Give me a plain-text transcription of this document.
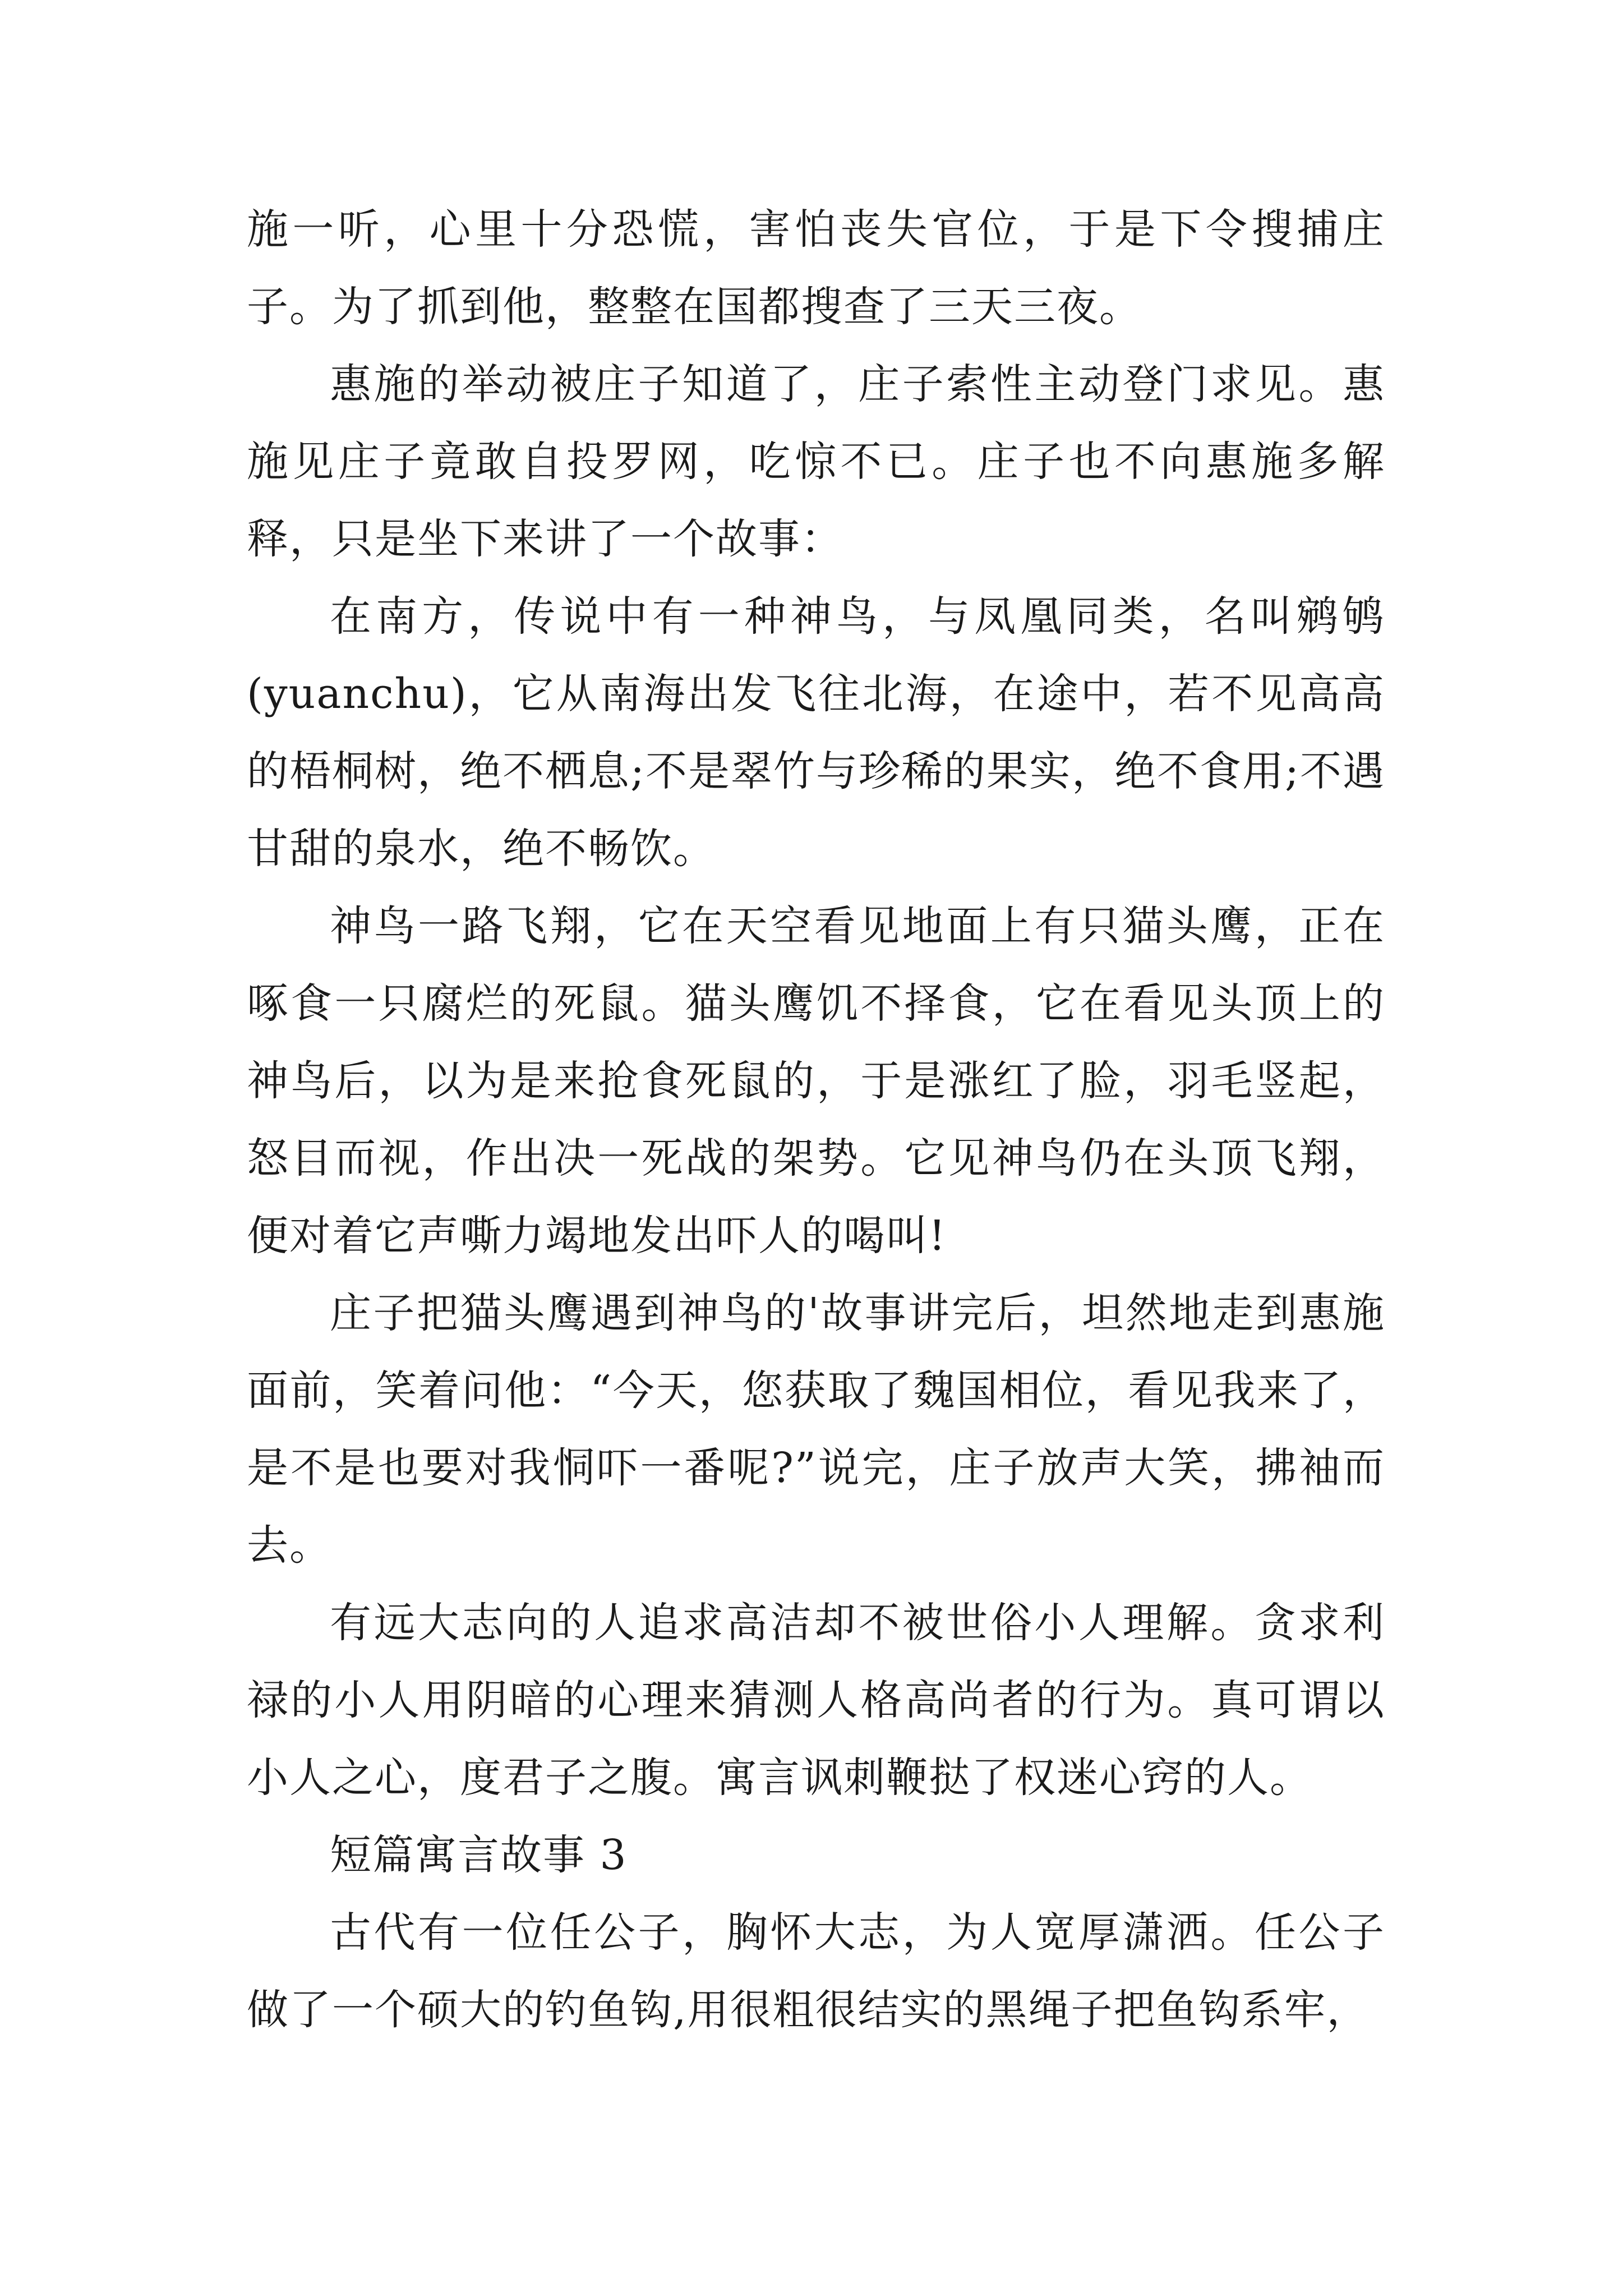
施一听，心里十分恐慌，害怕丧失官位，于是下令搜捕庄子。为了抓到他，整整在国都搜查了三天三夜。

惠施的举动被庄子知道了，庄子索性主动登门求见。惠施见庄子竟敢自投罗网，吃惊不已。庄子也不向惠施多解释，只是坐下来讲了一个故事：

在南方，传说中有一种神鸟，与凤凰同类，名叫鹓鸲(yuanchu)，它从南海出发飞往北海，在途中，若不见高高的梧桐树，绝不栖息;不是翠竹与珍稀的果实，绝不食用;不遇甘甜的泉水，绝不畅饮。

神鸟一路飞翔，它在天空看见地面上有只猫头鹰，正在啄食一只腐烂的死鼠。猫头鹰饥不择食，它在看见头顶上的神鸟后，以为是来抢食死鼠的，于是涨红了脸，羽毛竖起，怒目而视，作出决一死战的架势。它见神鸟仍在头顶飞翔，便对着它声嘶力竭地发出吓人的喝叫!

庄子把猫头鹰遇到神鸟的'故事讲完后，坦然地走到惠施面前，笑着问他：“今天，您获取了魏国相位，看见我来了，是不是也要对我恫吓一番呢?”说完，庄子放声大笑，拂袖而去。

有远大志向的人追求高洁却不被世俗小人理解。贪求利禄的小人用阴暗的心理来猜测人格高尚者的行为。真可谓以小人之心，度君子之腹。寓言讽刺鞭挞了权迷心窍的人。

短篇寓言故事 3

古代有一位任公子，胸怀大志，为人宽厚潇洒。任公子做了一个硕大的钓鱼钩,用很粗很结实的黑绳子把鱼钩系牢，
